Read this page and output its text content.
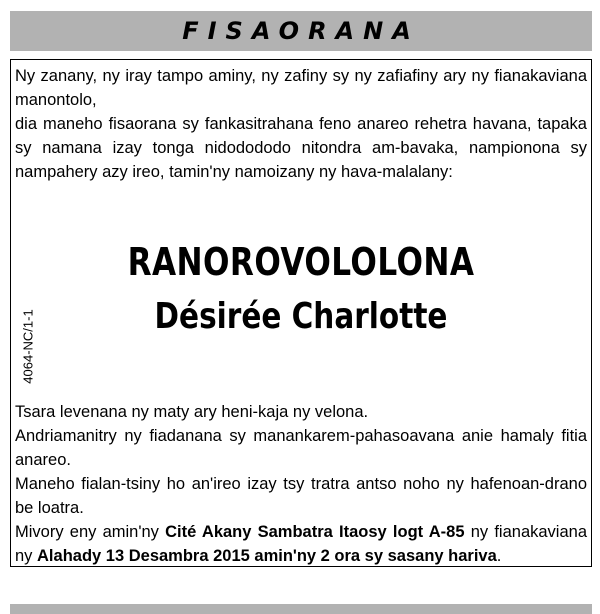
FISAORANA

Ny zanany, ny iray tampo aminy, ny zafiny sy ny zafiafiny ary ny fianakaviana manontolo,

dia maneho fisaorana sy fankasitrahana feno anareo rehetra havana, tapaka sy namana izay tonga nidodododo nitondra am-bavaka, nampionona sy nampahery azy ireo, tamin'ny namoizany ny hava-malalany:

4064-NC/1-1
RANOROVOLOLONA
Désirée Charlotte

Tsara levenana ny maty ary heni-kaja ny velona.

Andriamanitry ny fiadanana sy manankarem-pahasoavana anie hamaly fitia anareo.

Maneho fialan-tsiny ho an'ireo izay tsy tratra antso noho ny hafenoan-drano be loatra.

Mivory eny amin'ny Cité Akany Sambatra Itaosy logt A-85 ny fianakaviana ny Alahady 13 Desambra 2015 amin'ny 2 ora sy sasany hariva.
